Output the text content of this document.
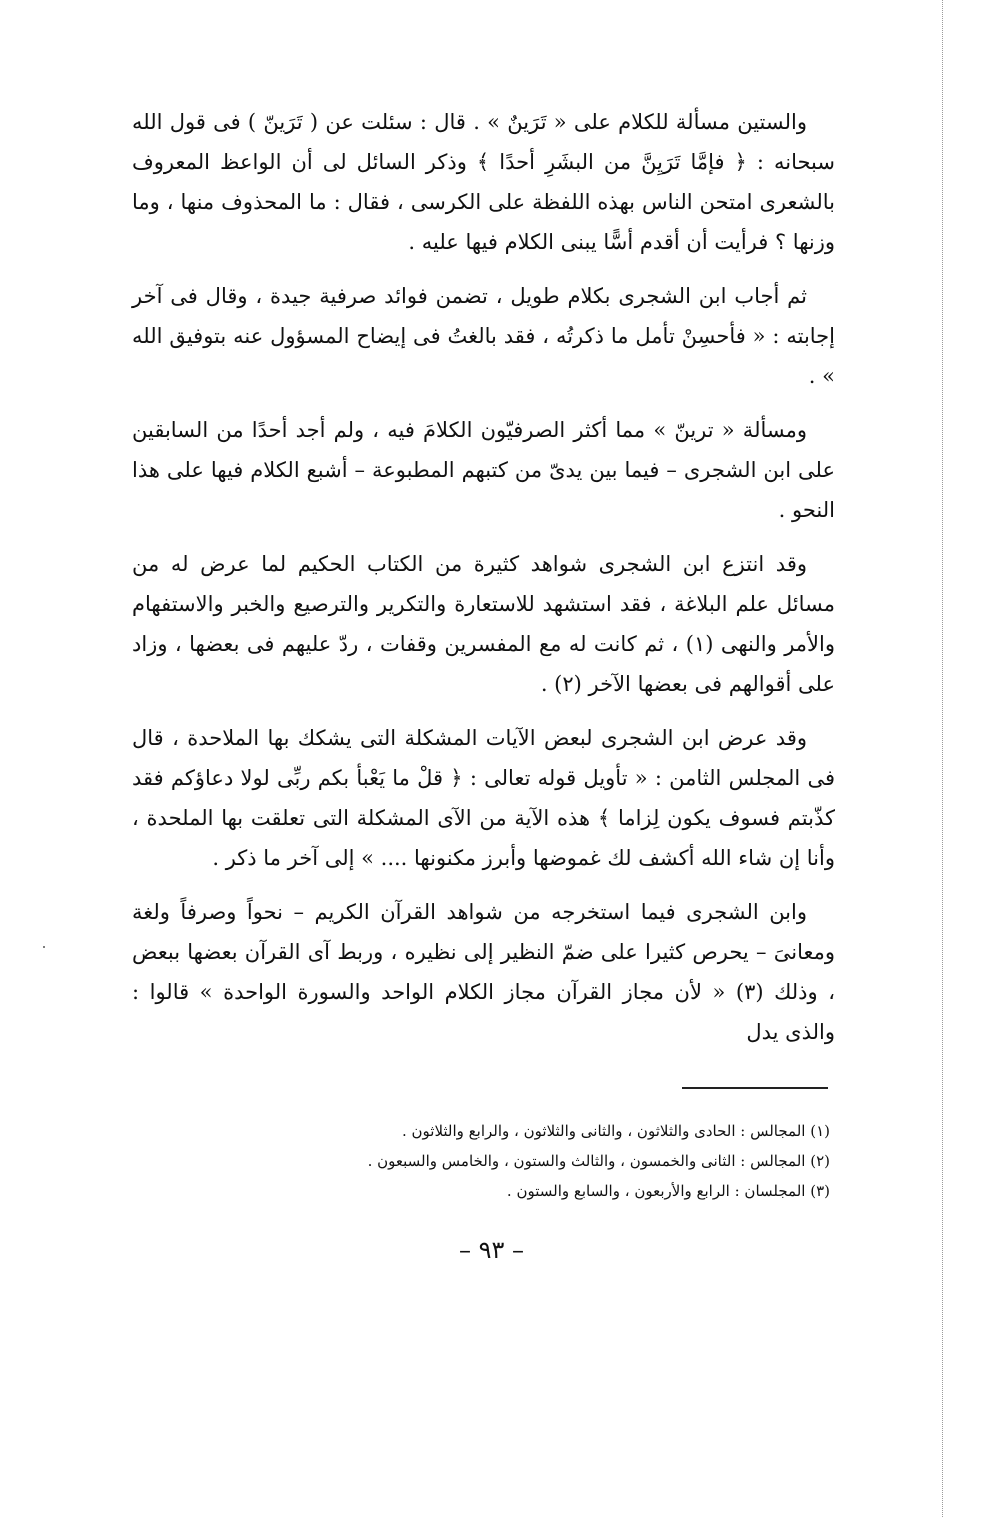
والستين مسألة للكلام على « تَرَينٌ » . قال : سئلت عن ( تَرَينّ ) فى قول الله سبحانه : ﴿ فإمَّا تَرَيِنَّ من البشَرِ أحدًا ﴾ وذكر السائل لى أن الواعظ المعروف بالشعرى امتحن الناس بهذه اللفظة على الكرسى ، فقال : ما المحذوف منها ، وما وزنها ؟ فرأيت أن أقدم أسًّا يبنى الكلام فيها عليه .

ثم أجاب ابن الشجرى بكلام طويل ، تضمن فوائد صرفية جيدة ، وقال فى آخر إجابته : « فأحسِنْ تأمل ما ذكرتُه ، فقد بالغتُ فى إيضاح المسؤول عنه بتوفيق الله » .

ومسألة « ترينّ » مما أكثر الصرفيّون الكلامَ فيه ، ولم أجد أحدًا من السابقين على ابن الشجرى – فيما بين يدىّ من كتبهم المطبوعة – أشبع الكلام فيها على هذا النحو .

وقد انتزع ابن الشجرى شواهد كثيرة من الكتاب الحكيم لما عرض له من مسائل علم البلاغة ، فقد استشهد للاستعارة والتكرير والترصيع والخبر والاستفهام والأمر والنهى (١) ، ثم كانت له مع المفسرين وقفات ، ردّ عليهم فى بعضها ، وزاد على أقوالهم فى بعضها الآخر (٢) .

وقد عرض ابن الشجرى لبعض الآيات المشكلة التى يشكك بها الملاحدة ، قال فى المجلس الثامن : « تأويل قوله تعالى : ﴿ قلْ ما يَعْبأ بكم ربِّى لولا دعاؤكم فقد كذّبتم فسوف يكون لِزاما ﴾ هذه الآية من الآى المشكلة التى تعلقت بها الملحدة ، وأنا إن شاء الله أكشف لك غموضها وأبرز مكنونها .... » إلى آخر ما ذكر .

وابن الشجرى فيما استخرجه من شواهد القرآن الكريم – نحواً وصرفاً ولغة ومعانىَ – يحرص كثيرا على ضمّ النظير إلى نظيره ، وربط آى القرآن بعضها ببعض ، وذلك (٣) « لأن مجاز القرآن مجاز الكلام الواحد والسورة الواحدة » قالوا : والذى يدل

(١) المجالس : الحادى والثلاثون ، والثانى والثلاثون ، والرابع والثلاثون .

(٢) المجالس : الثانى والخمسون ، والثالث والستون ، والخامس والسبعون .

(٣) المجلسان : الرابع والأربعون ، والسابع والستون .

– ٩٣ –
